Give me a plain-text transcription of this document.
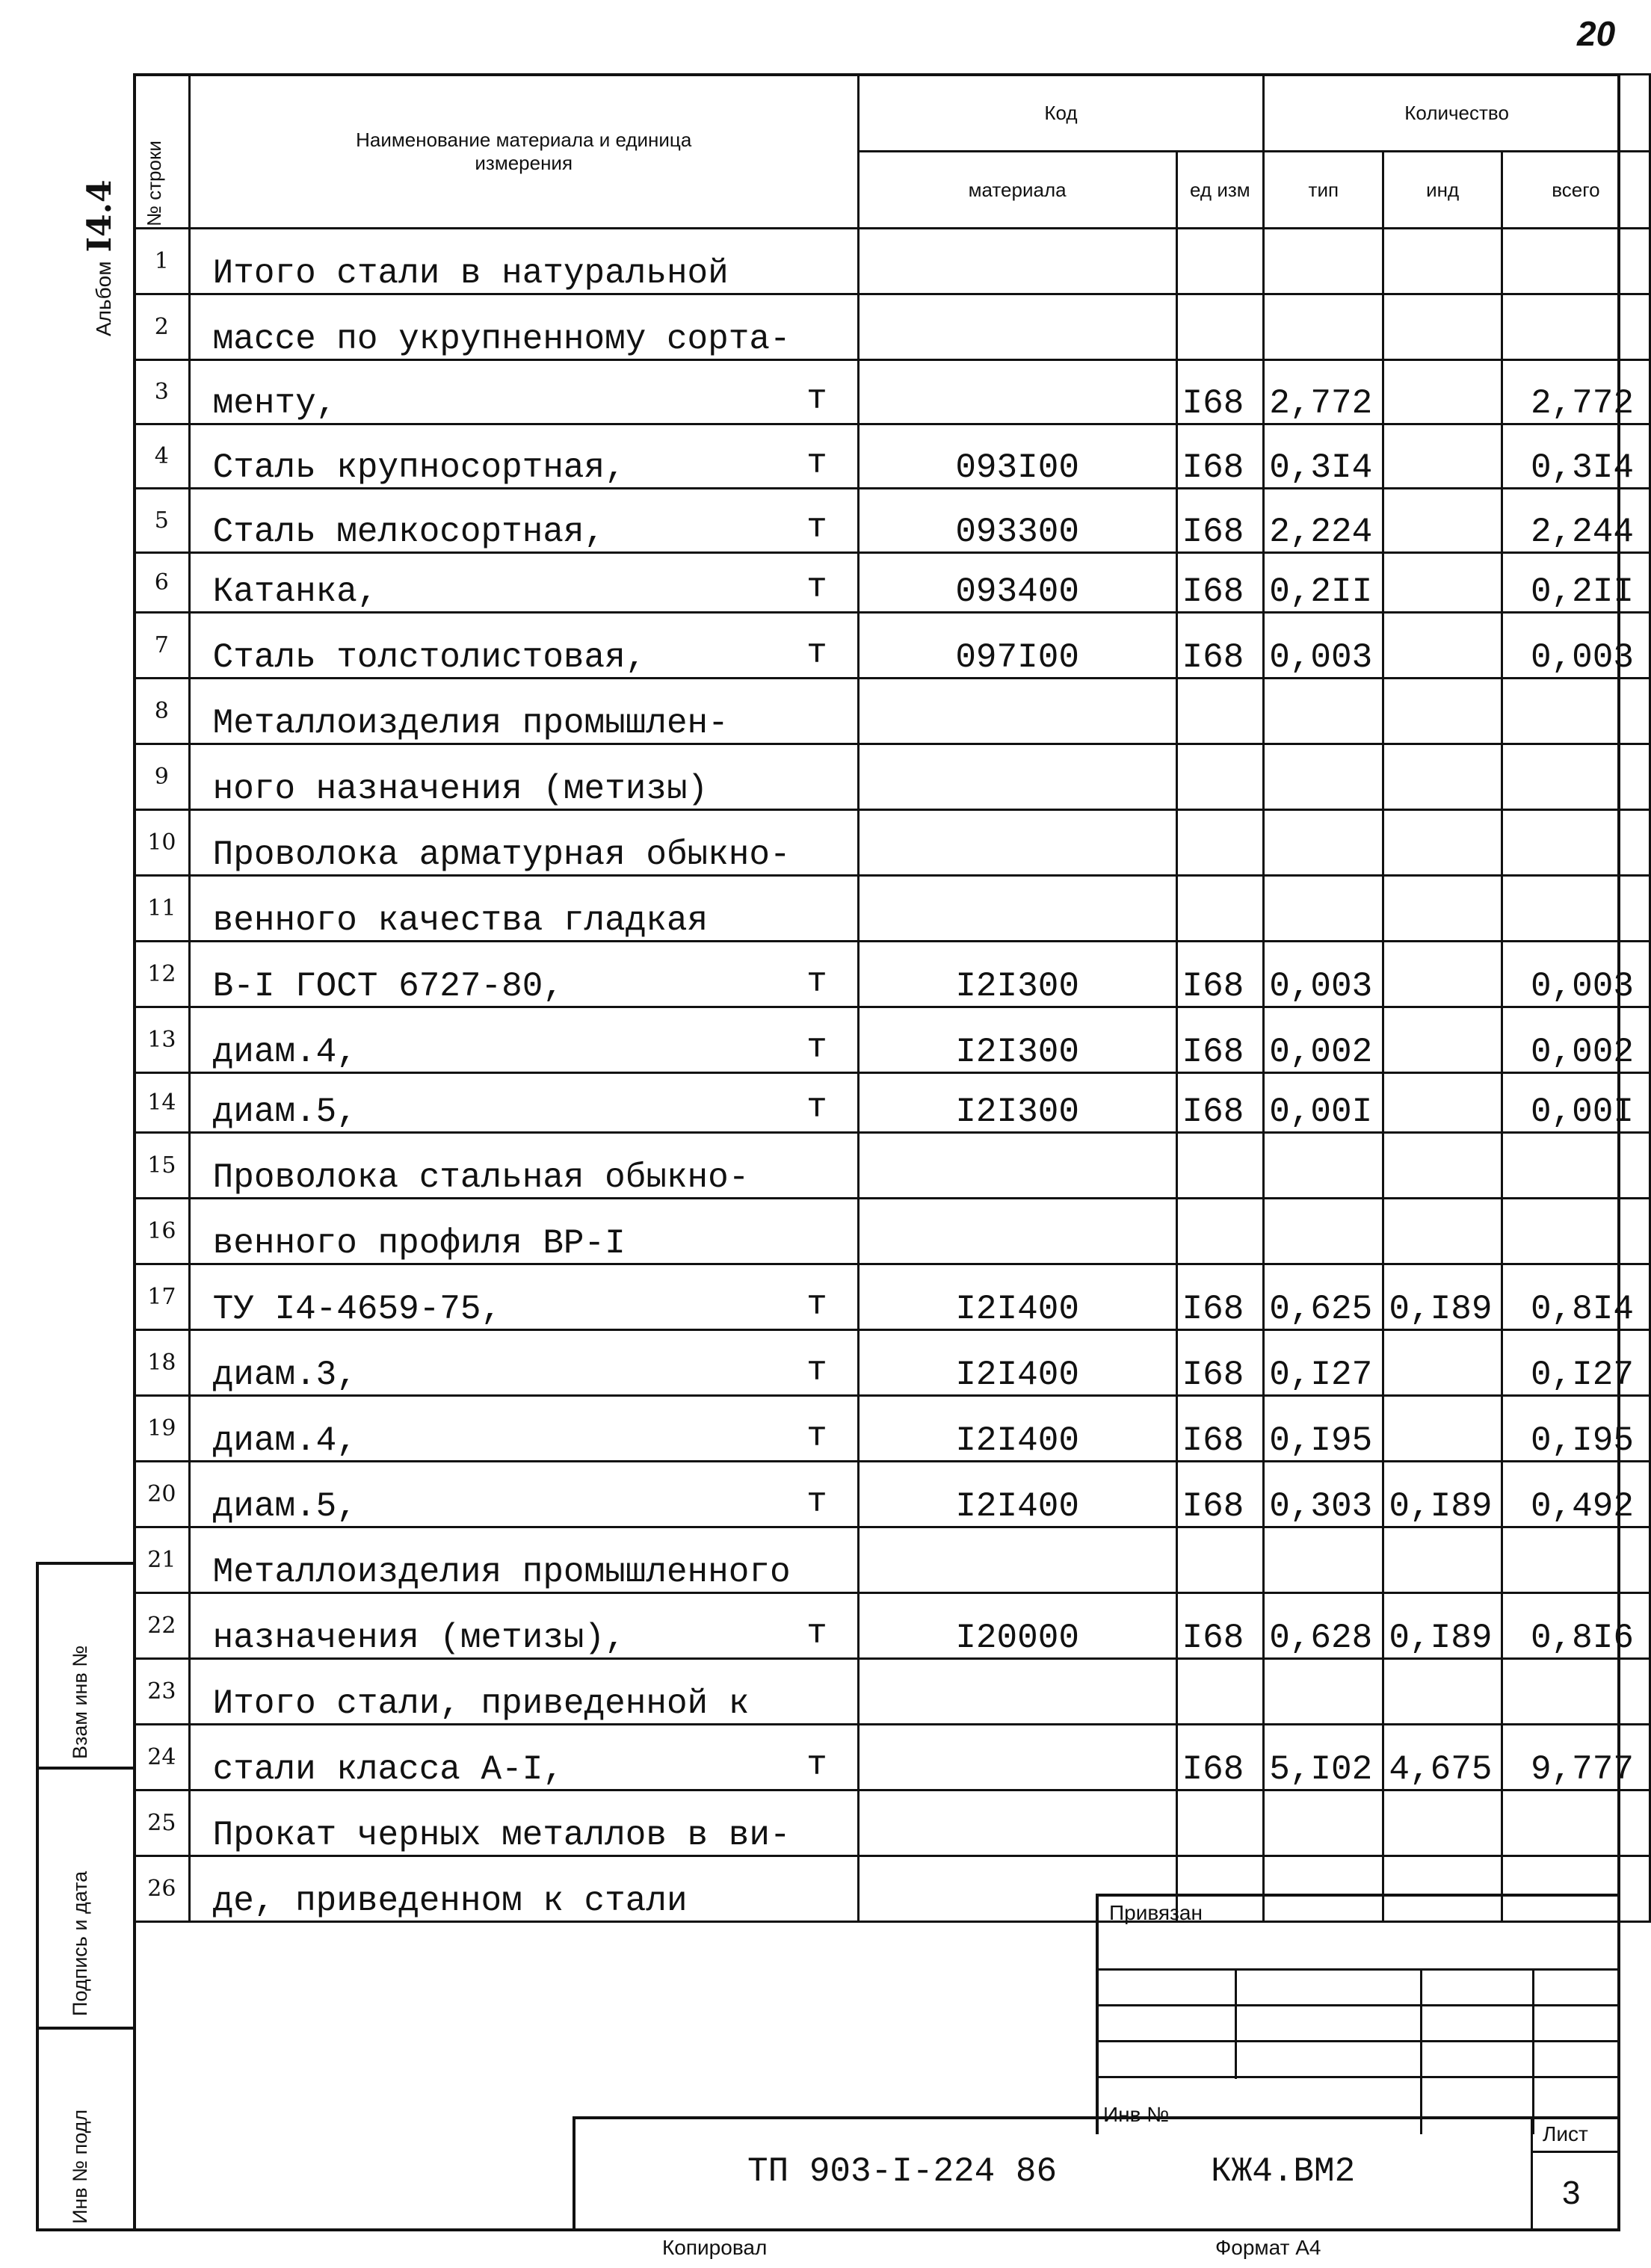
20
АльбомI4.4
Взам инв №
Подпись и дата
Инв № подл
№ строки	Наименование материала и единица измерения	Код		Количество		
		материала	ед изм	тип	инд	всего
1	Итого стали в натуральной

2	массе по укрупненному сорта-

3	менту, т		I68	2,772		2,772
4	Сталь крупносортная, т	093I00	I68	0,3I4		0,3I4
5	Сталь мелкосортная, т	093300	I68	2,224		2,244
6	Катанка, т	093400	I68	0,2II		0,2II
7	Сталь толстолистовая, т	097I00	I68	0,003		0,003
8	Металлоизделия промышлен-

9	ного назначения (метизы)

10	Проволока арматурная обыкно-

11	венного качества гладкая

12	В-I ГОСТ 6727-80, т	I2I300	I68	0,003		0,003
13	диам.4, т	I2I300	I68	0,002		0,002
14	диам.5, т	I2I300	I68	0,00I		0,00I
15	Проволока стальная обыкно-

16	венного профиля ВР-I

17	ТУ I4-4659-75, т	I2I400	I68	0,625	0,I89	0,8I4
18	диам.3, т	I2I400	I68	0,I27		0,I27
19	диам.4, т	I2I400	I68	0,I95		0,I95
20	диам.5, т	I2I400	I68	0,303	0,I89	0,492
21	Металлоизделия промышленного

22	назначения (метизы), т	I20000	I68	0,628	0,I89	0,8I6
23	Итого стали, приведенной к

24	стали класса А-I, т		I68	5,I02	4,675	9,777
25	Прокат черных металлов в ви-

26	де, приведенном к стали
						Привязан
Инв №
ТП 903-I-224 86	КЖ4.ВМ2
Лист
3
Копировал	Формат А4
